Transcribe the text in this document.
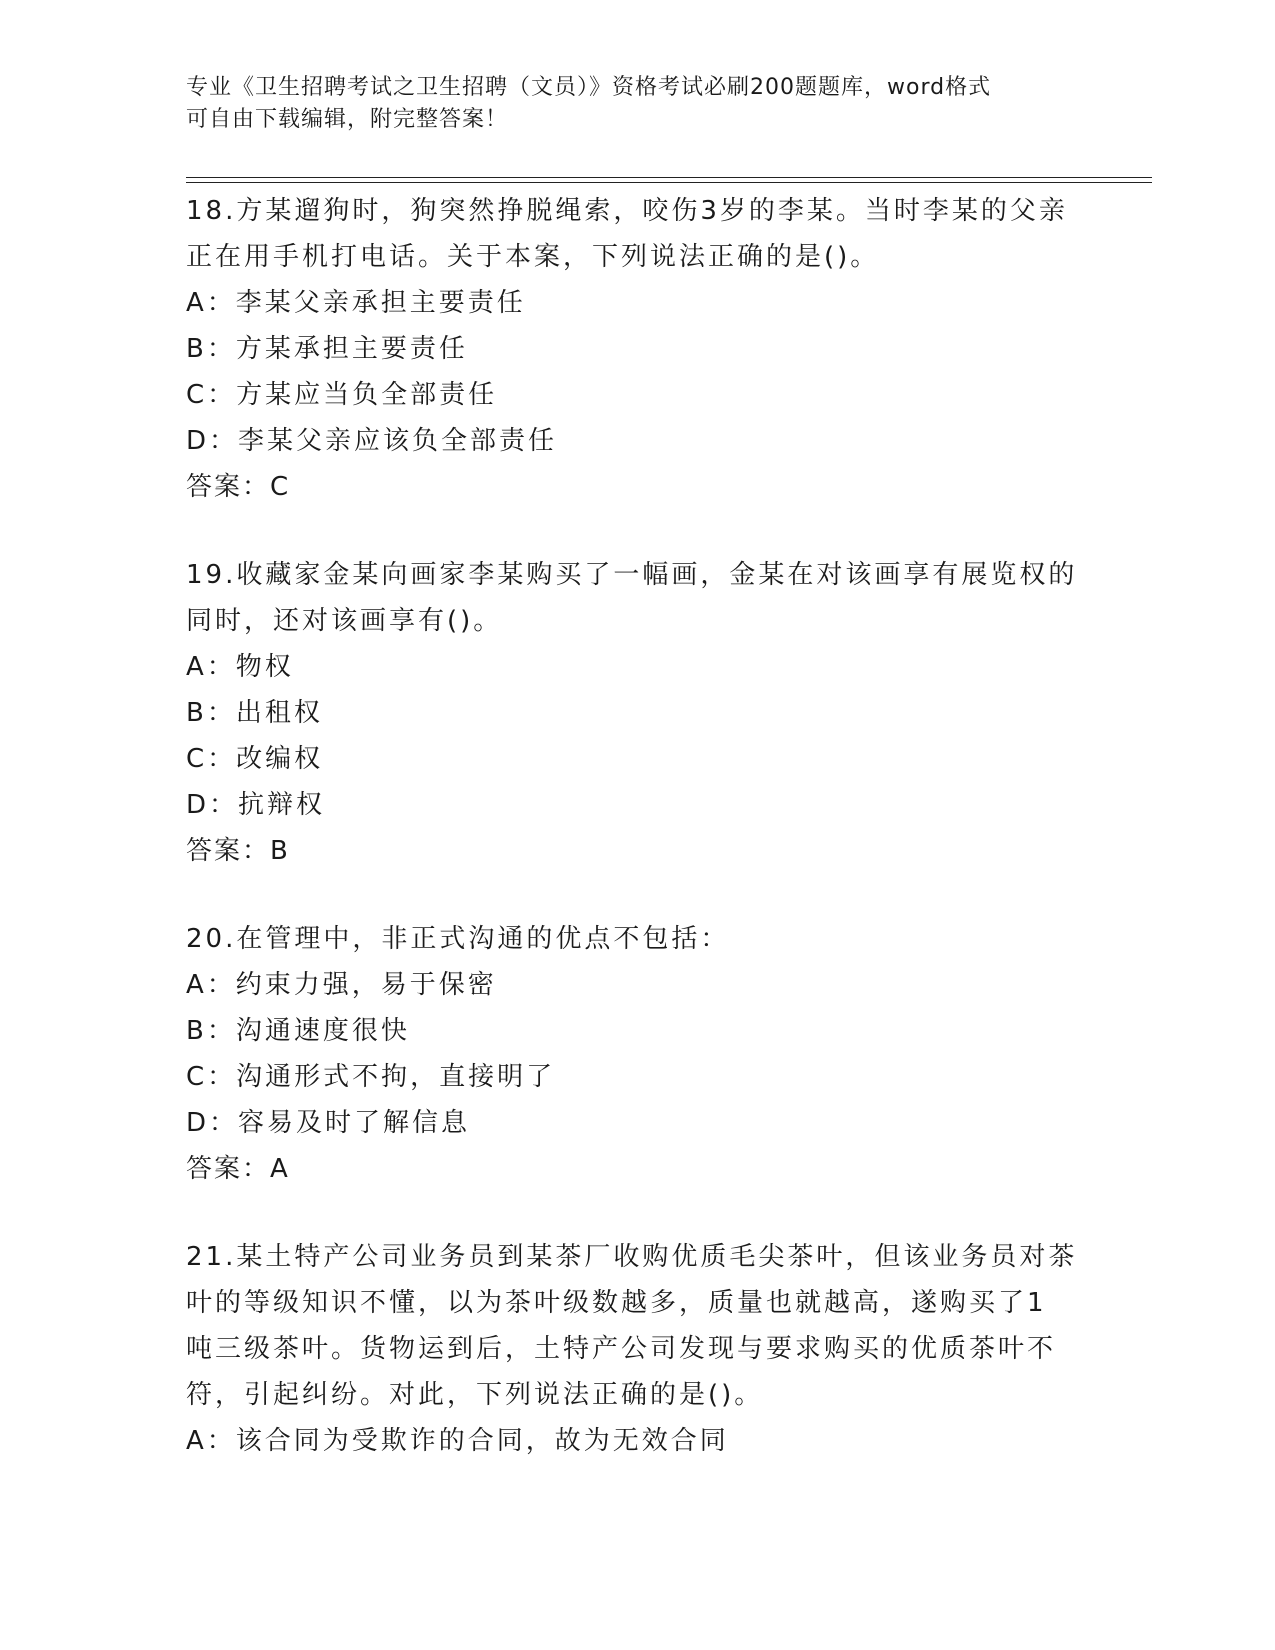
专业《卫生招聘考试之卫生招聘（文员）》资格考试必刷200题题库，word格式
可自由下载编辑，附完整答案！

18.方某遛狗时，狗突然挣脱绳索，咬伤3岁的李某。当时李某的父亲

正在用手机打电话。关于本案，下列说法正确的是()。

A：李某父亲承担主要责任

B：方某承担主要责任

C：方某应当负全部责任

D：李某父亲应该负全部责任

答案：C

19.收藏家金某向画家李某购买了一幅画，金某在对该画享有展览权的

同时，还对该画享有()。

A：物权

B：出租权

C：改编权

D：抗辩权

答案：B

20.在管理中，非正式沟通的优点不包括：

A：约束力强，易于保密

B：沟通速度很快

C：沟通形式不拘，直接明了

D：容易及时了解信息

答案：A

21.某土特产公司业务员到某茶厂收购优质毛尖茶叶，但该业务员对茶

叶的等级知识不懂，以为茶叶级数越多，质量也就越高，遂购买了1

吨三级茶叶。货物运到后，土特产公司发现与要求购买的优质茶叶不

符，引起纠纷。对此，下列说法正确的是()。

A：该合同为受欺诈的合同，故为无效合同
